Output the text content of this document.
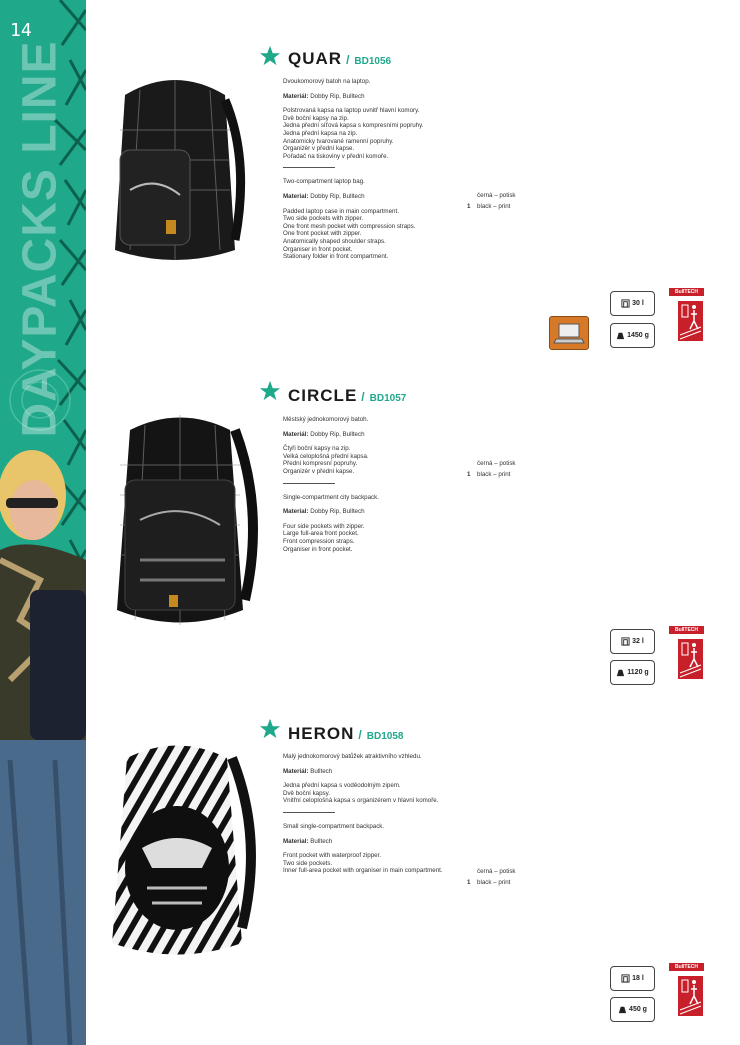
14
DAYPACKS LINE	QUAR / BD1056

Dvoukomorový batoh na laptop.

Materiál: Dobby Rip, Bulltech

Polstrovaná kapsa na laptop uvnitř hlavní komory.
Dvě boční kapsy na zip.
Jedna přední síťová kapsa s kompresními popruhy.
Jedna přední kapsa na zip.
Anatomicky tvarované ramenní popruhy.
Organizér v přední kapse.
Pořadač na tiskoviny v přední komoře.

Two-compartment laptop bag.

Material: Dobby Rip, Bulltech

Padded laptop case in main compartment.
Two side pockets with zipper.
One front mesh pocket with compression straps.
One front pocket with zipper.
Anatomically shaped shoulder straps.
Organiser in front pocket.
Stationary folder in front compartment.

1černá – potisk
black – print
30 l
1450 g
BullTECH
CIRCLE / BD1057

Městský jednokomorový batoh.

Materiál: Dobby Rip, Bulltech

Čtyři boční kapsy na zip.
Velká celoplošná přední kapsa.
Přední kompresní popruhy.
Organizér v přední kapse.

Single-compartment city backpack.

Material: Dobby Rip, Bulltech

Four side pockets with zipper.
Large full-area front pocket.
Front compression straps.
Organiser in front pocket.

1černá – potisk
black – print
32 l
1120 g
BullTECH
HERON / BD1058

Malý jednokomorový batůžek atraktivního vzhledu.

Materiál: Bulltech

Jedna přední kapsa s voděodolným zipem.
Dvě boční kapsy.
Vnitřní celoplošná kapsa s organizérem v hlavní komoře.

Small single-compartment backpack.

Material: Bulltech

Front pocket with waterproof zipper.
Two side pockets.
Inner full-area pocket with organiser in main compartment.

1černá – potisk
black – print
18 l
450 g
BullTECH
